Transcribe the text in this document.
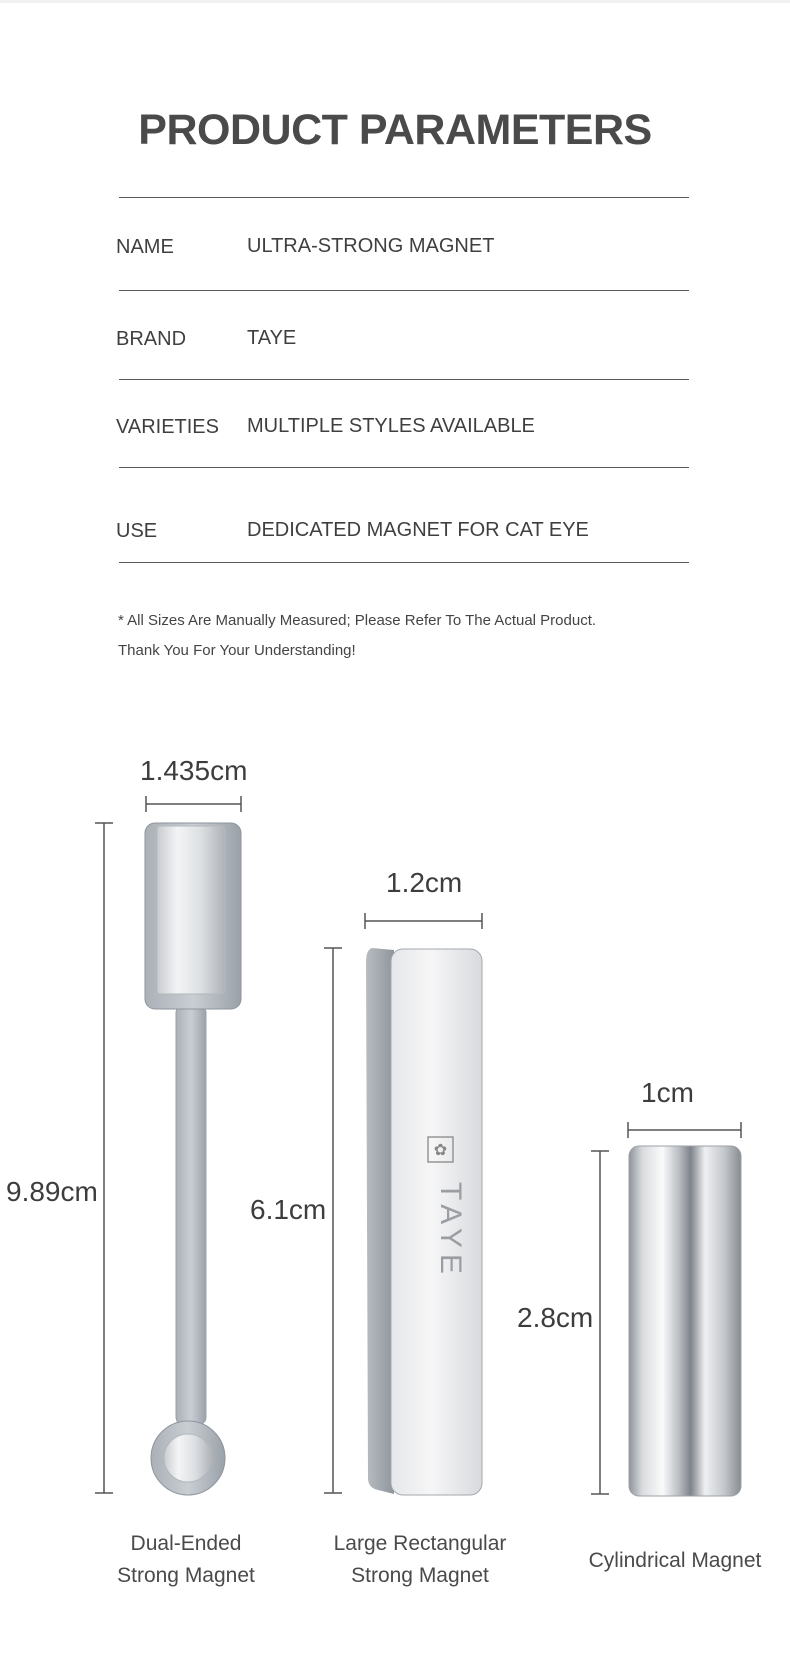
PRODUCT PARAMETERS
NAME	ULTRA-STRONG MAGNET
BRAND	TAYE
VARIETIES MULTIPLE STYLES AVAILABLE
USE	DEDICATED MAGNET FOR CAT EYE
* All Sizes Are Manually Measured; Please Refer To The Actual Product.
Thank You For Your Understanding!
✿
TAYE
1.435cm
9.89cm
1.2cm
6.1cm
1cm
2.8cm
Dual-Ended
Strong Magnet
Large Rectangular
Strong Magnet
Cylindrical Magnet
